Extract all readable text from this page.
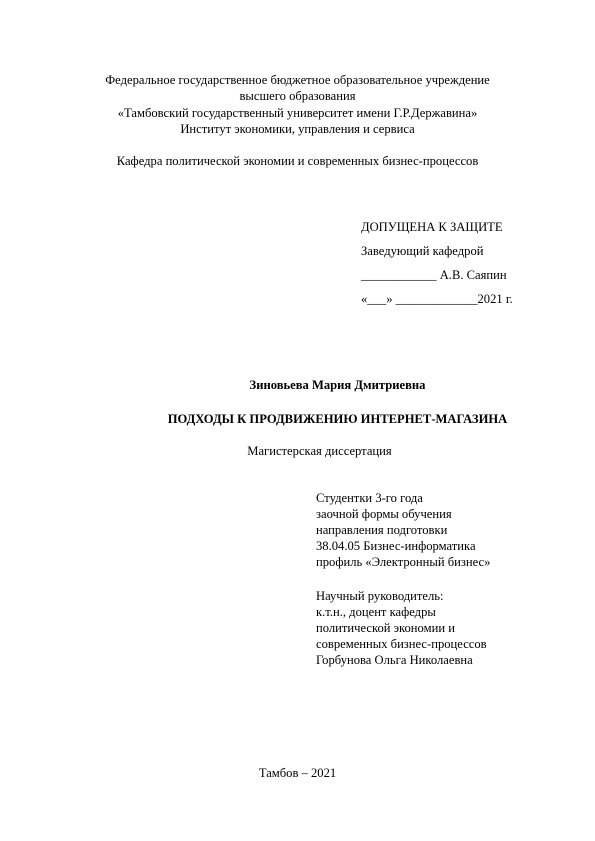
Федеральное государственное бюджетное образовательное учреждение
высшего образования
«Тамбовский государственный университет имени Г.Р.Державина»
Институт экономики, управления и сервиса
Кафедра политической экономии и современных бизнес-процессов
ДОПУЩЕНА К ЗАЩИТЕ
Заведующий кафедрой
____________ А.В. Саяпин
«___» _____________2021 г.
Зиновьева Мария Дмитриевна
ПОДХОДЫ К ПРОДВИЖЕНИЮ ИНТЕРНЕТ-МАГАЗИНА
Магистерская диссертация
Студентки 3-го года
заочной формы обучения
направления подготовки
38.04.05 Бизнес-информатика
профиль «Электронный бизнес»
Научный руководитель:
к.т.н., доцент кафедры
политической экономии и
современных бизнес-процессов
Горбунова Ольга Николаевна
Тамбов – 2021
